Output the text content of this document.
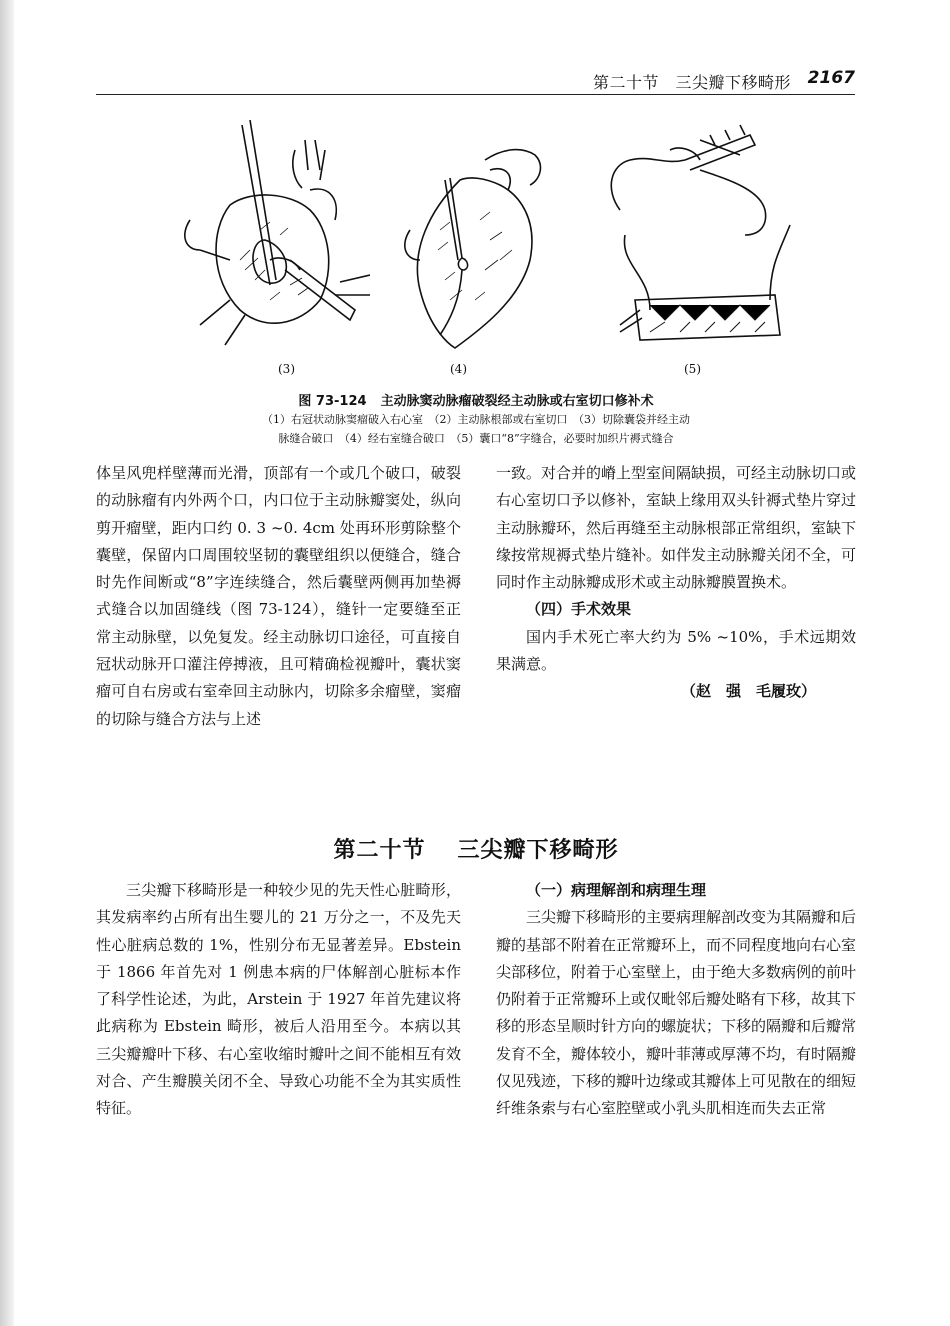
第二十节　三尖瓣下移畸形 2167
(3)	(4)	(5)
图 73-124 主动脉窦动脉瘤破裂经主动脉或右室切口修补术
（1）右冠状动脉窦瘤破入右心室　（2）主动脉根部或右室切口　（3）切除囊袋并经主动
脉缝合破口　（4）经右室缝合破口　（5）囊口“8”字缝合，必要时加织片褥式缝合

体呈风兜样壁薄而光滑，顶部有一个或几个破口，破裂的动脉瘤有内外两个口，内口位于主动脉瓣窦处，纵向剪开瘤壁，距内口约 0. 3 ~0. 4cm 处再环形剪除整个囊壁，保留内口周围较坚韧的囊壁组织以便缝合，缝合时先作间断或“8”字连续缝合，然后囊壁两侧再加垫褥式缝合以加固缝线（图 73-124），缝针一定要缝至正常主动脉壁，以免复发。经主动脉切口途径，可直接自冠状动脉开口灌注停搏液，且可精确检视瓣叶，囊状窦瘤可自右房或右室牵回主动脉内，切除多余瘤壁，窦瘤的切除与缝合方法与上述

一致。对合并的嵴上型室间隔缺损，可经主动脉切口或右心室切口予以修补，室缺上缘用双头针褥式垫片穿过主动脉瓣环，然后再缝至主动脉根部正常组织，室缺下缘按常规褥式垫片缝补。如伴发主动脉瓣关闭不全，可同时作主动脉瓣成形术或主动脉瓣膜置换术。

（四）手术效果

国内手术死亡率大约为 5% ~10%，手术远期效果满意。

（赵　强　毛履玫）

第二十节 三尖瓣下移畸形

三尖瓣下移畸形是一种较少见的先天性心脏畸形，其发病率约占所有出生婴儿的 21 万分之一，不及先天性心脏病总数的 1%，性别分布无显著差异。Ebstein 于 1866 年首先对 1 例患本病的尸体解剖心脏标本作了科学性论述，为此，Arstein 于 1927 年首先建议将此病称为 Ebstein 畸形，被后人沿用至今。本病以其三尖瓣瓣叶下移、右心室收缩时瓣叶之间不能相互有效对合、产生瓣膜关闭不全、导致心功能不全为其实质性特征。

（一）病理解剖和病理生理

三尖瓣下移畸形的主要病理解剖改变为其隔瓣和后瓣的基部不附着在正常瓣环上，而不同程度地向右心室尖部移位，附着于心室壁上，由于绝大多数病例的前叶仍附着于正常瓣环上或仅毗邻后瓣处略有下移，故其下移的形态呈顺时针方向的螺旋状；下移的隔瓣和后瓣常发育不全，瓣体较小，瓣叶菲薄或厚薄不均，有时隔瓣仅见残迹，下移的瓣叶边缘或其瓣体上可见散在的细短纤维条索与右心室腔壁或小乳头肌相连而失去正常
